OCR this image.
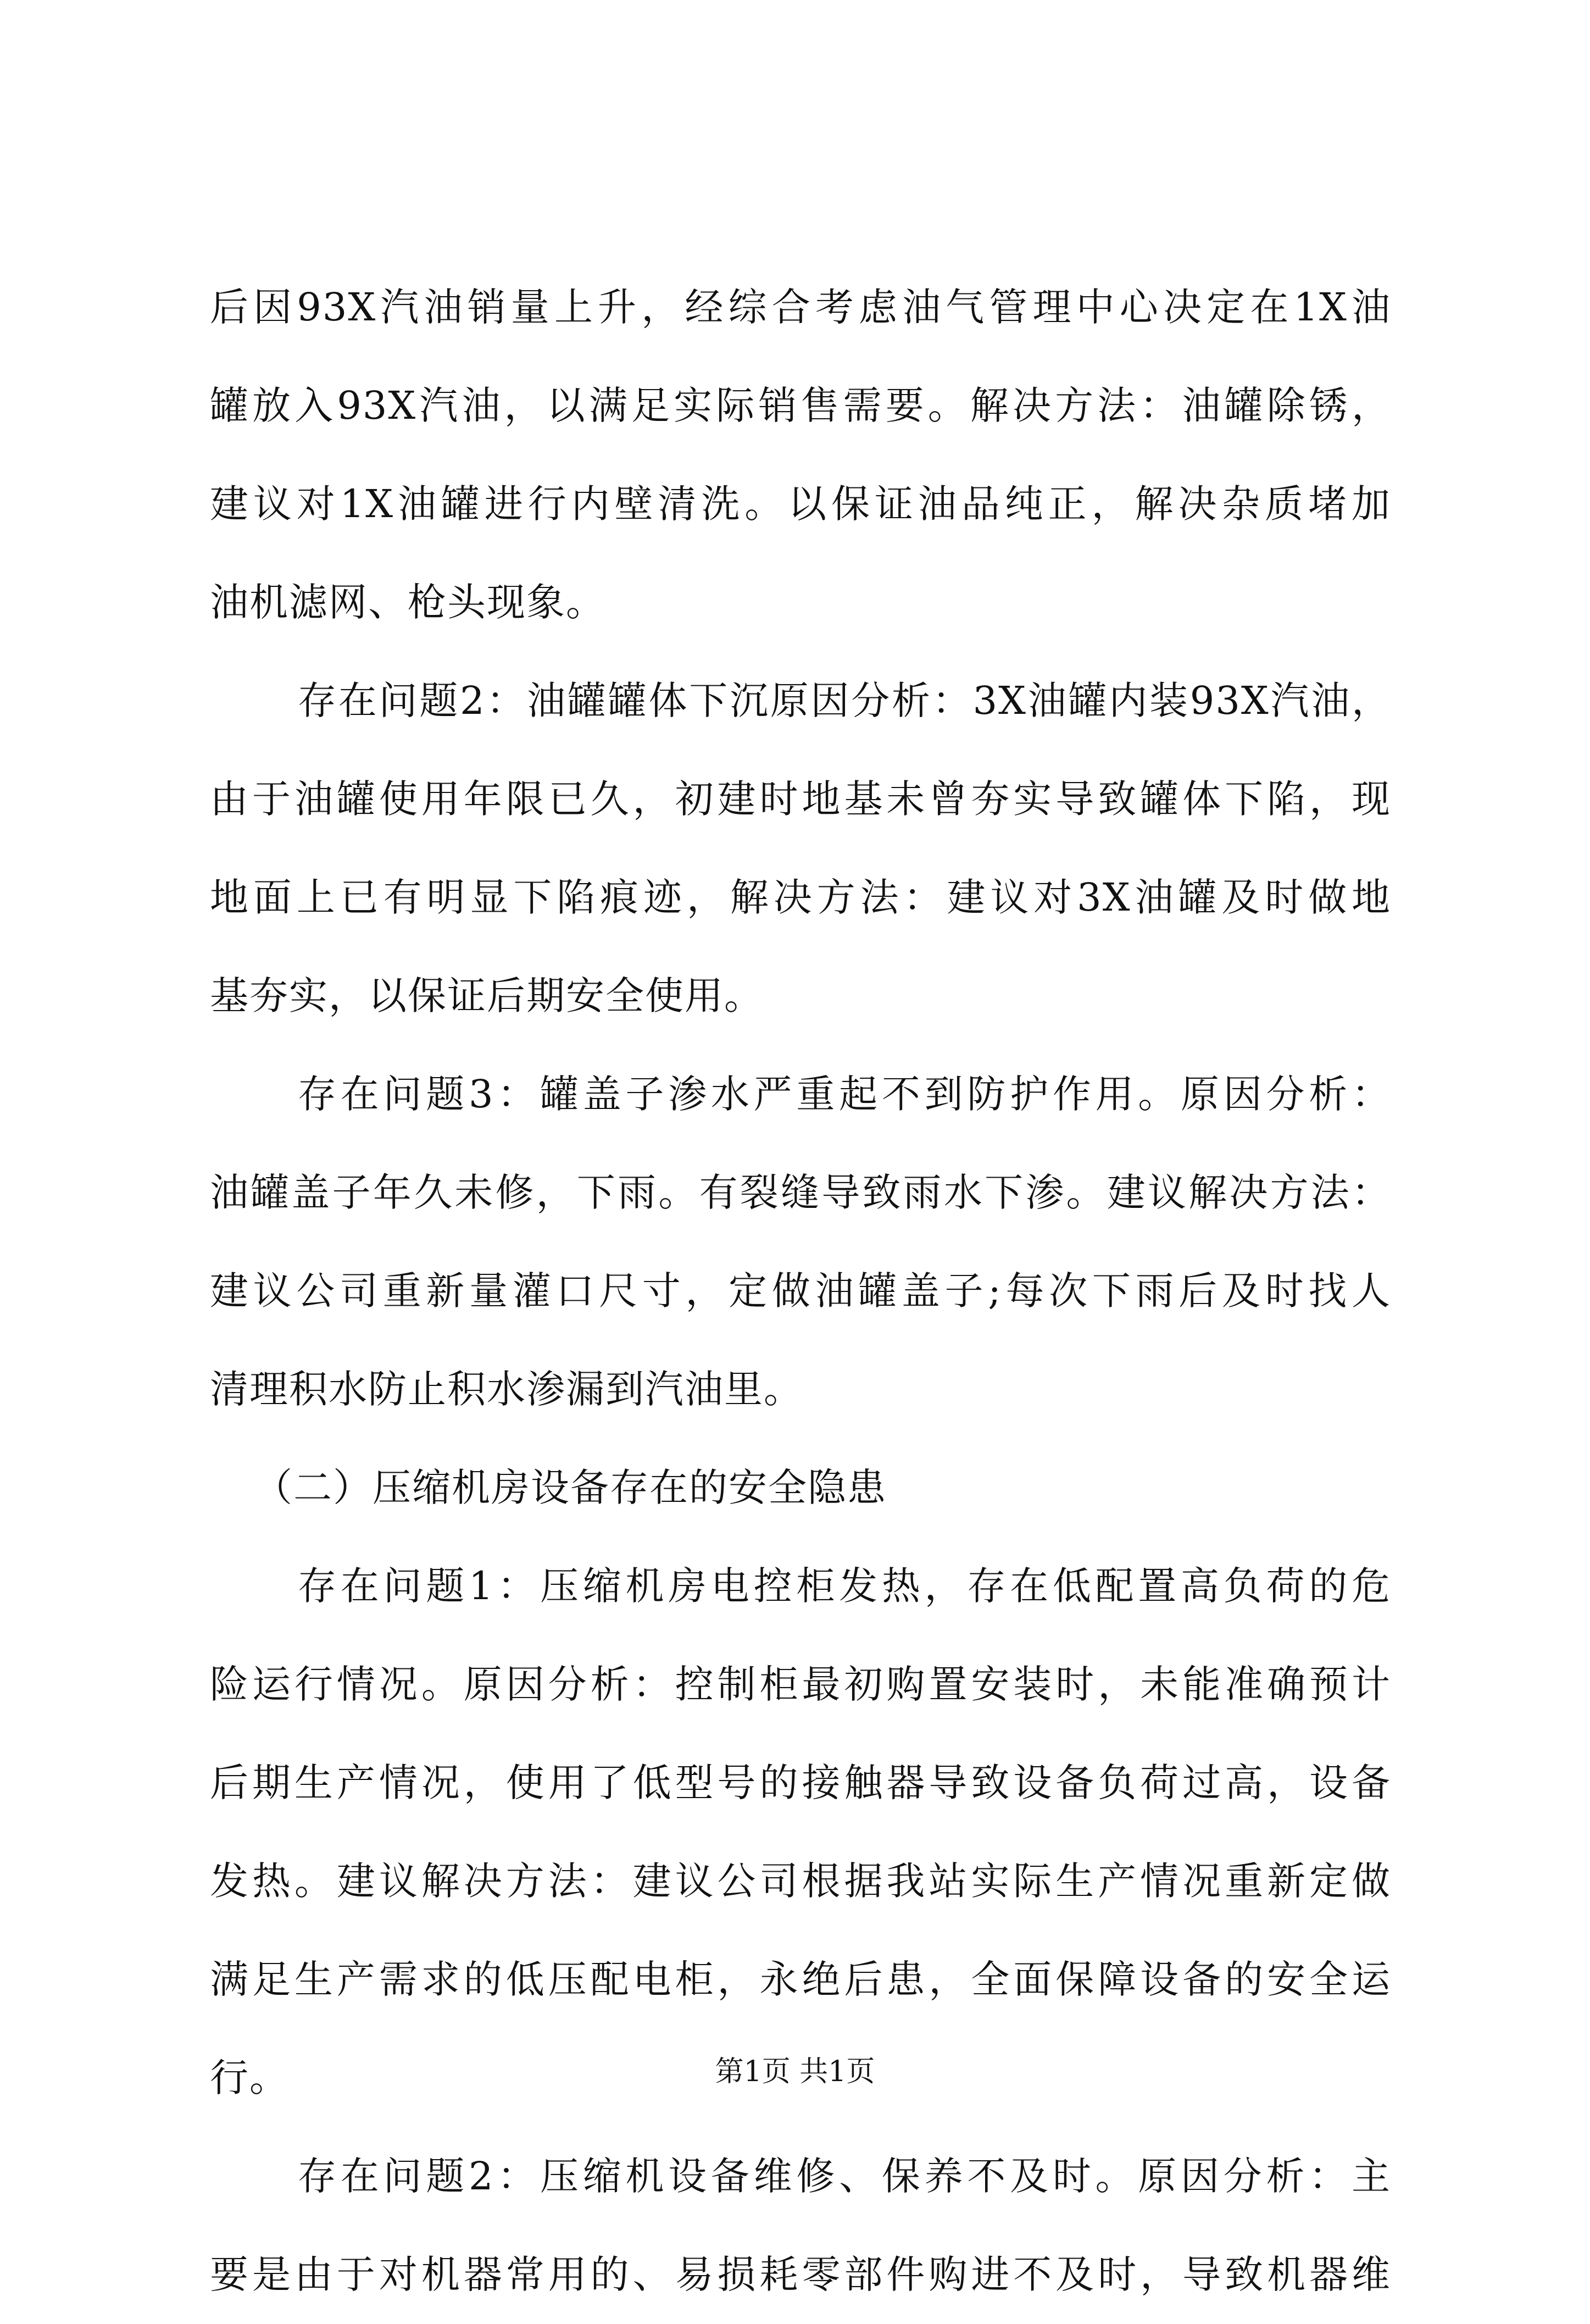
后因93X汽油销量上升，经综合考虑油气管理中心决定在1X油
罐放入93X汽油，以满足实际销售需要。解决方法：油罐除锈，
建议对1X油罐进行内壁清洗。以保证油品纯正，解决杂质堵加
油机滤网、枪头现象。
存在问题2：油罐罐体下沉原因分析：3X油罐内装93X汽油，
由于油罐使用年限已久，初建时地基未曾夯实导致罐体下陷，现
地面上已有明显下陷痕迹，解决方法：建议对3X油罐及时做地
基夯实，以保证后期安全使用。
存在问题3：罐盖子渗水严重起不到防护作用。原因分析：
油罐盖子年久未修，下雨。有裂缝导致雨水下渗。建议解决方法：
建议公司重新量灌口尺寸，定做油罐盖子;每次下雨后及时找人
清理积水防止积水渗漏到汽油里。
（二）压缩机房设备存在的安全隐患
存在问题1：压缩机房电控柜发热，存在低配置高负荷的危
险运行情况。原因分析：控制柜最初购置安装时，未能准确预计
后期生产情况，使用了低型号的接触器导致设备负荷过高，设备
发热。建议解决方法：建议公司根据我站实际生产情况重新定做
满足生产需求的低压配电柜，永绝后患，全面保障设备的安全运
行。
存在问题2：压缩机设备维修、保养不及时。原因分析：主
要是由于对机器常用的、易损耗零部件购进不及时，导致机器维
第1页 共1页
